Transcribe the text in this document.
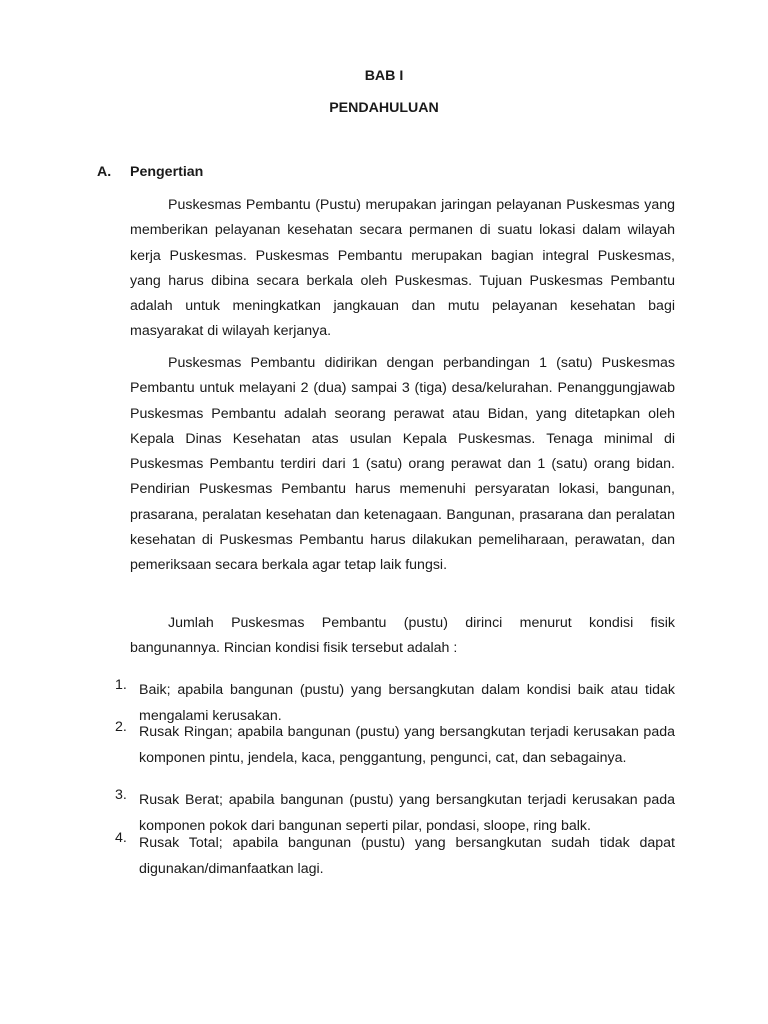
BAB I
PENDAHULUAN
A. Pengertian

Puskesmas Pembantu (Pustu) merupakan jaringan pelayanan Puskesmas yang memberikan pelayanan kesehatan secara permanen di suatu lokasi dalam wilayah kerja Puskesmas. Puskesmas Pembantu merupakan bagian integral Puskesmas, yang harus dibina secara berkala oleh Puskesmas. Tujuan Puskesmas Pembantu adalah untuk meningkatkan jangkauan dan mutu pelayanan kesehatan bagi masyarakat di wilayah kerjanya.

Puskesmas Pembantu didirikan dengan perbandingan 1 (satu) Puskesmas Pembantu untuk melayani 2 (dua) sampai 3 (tiga) desa/kelurahan. Penanggungjawab Puskesmas Pembantu adalah seorang perawat atau Bidan, yang ditetapkan oleh Kepala Dinas Kesehatan atas usulan Kepala Puskesmas. Tenaga minimal di Puskesmas Pembantu terdiri dari 1 (satu) orang perawat dan 1 (satu) orang bidan. Pendirian Puskesmas Pembantu harus memenuhi persyaratan lokasi, bangunan, prasarana, peralatan kesehatan dan ketenagaan. Bangunan, prasarana dan peralatan kesehatan di Puskesmas Pembantu harus dilakukan pemeliharaan, perawatan, dan pemeriksaan secara berkala agar tetap laik fungsi.

Jumlah Puskesmas Pembantu (pustu) dirinci menurut kondisi fisik bangunannya. Rincian kondisi fisik tersebut adalah :

1. Baik; apabila bangunan (pustu) yang bersangkutan dalam kondisi baik atau tidak mengalami kerusakan.
2. Rusak Ringan; apabila bangunan (pustu) yang bersangkutan terjadi kerusakan pada komponen pintu, jendela, kaca, penggantung, pengunci, cat, dan sebagainya.
3. Rusak Berat; apabila bangunan (pustu) yang bersangkutan terjadi kerusakan pada komponen pokok dari bangunan seperti pilar, pondasi, sloope, ring balk.
4. Rusak Total; apabila bangunan (pustu) yang bersangkutan sudah tidak dapat digunakan/dimanfaatkan lagi.
